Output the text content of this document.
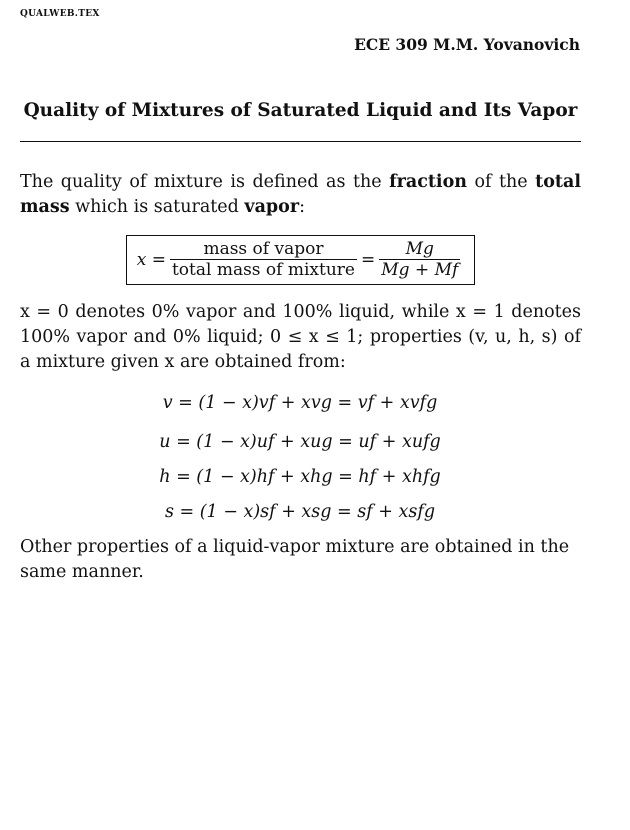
QUALWEB.TEX
ECE 309 M.M. Yovanovich
Quality of Mixtures of Saturated Liquid and Its Vapor
The quality of mixture is defined as the fraction of the total mass which is saturated vapor:
$x = \frac{\text{mass of vapor}}{\text{total mass of mixture}} = \frac{Mg}{Mg + Mf}$
x = 0 denotes 0% vapor and 100% liquid, while x = 1 denotes 100% vapor and 0% liquid; 0 ≤ x ≤ 1; properties (v, u, h, s) of a mixture given x are obtained from:
v = (1 − x)vf + xvg = vf + xvfg
u = (1 − x)uf + xug = uf + xufg
h = (1 − x)hf + xhg = hf + xhfg
s = (1 − x)sf + xsg = sf + xsfg
Other properties of a liquid-vapor mixture are obtained in the same manner.
